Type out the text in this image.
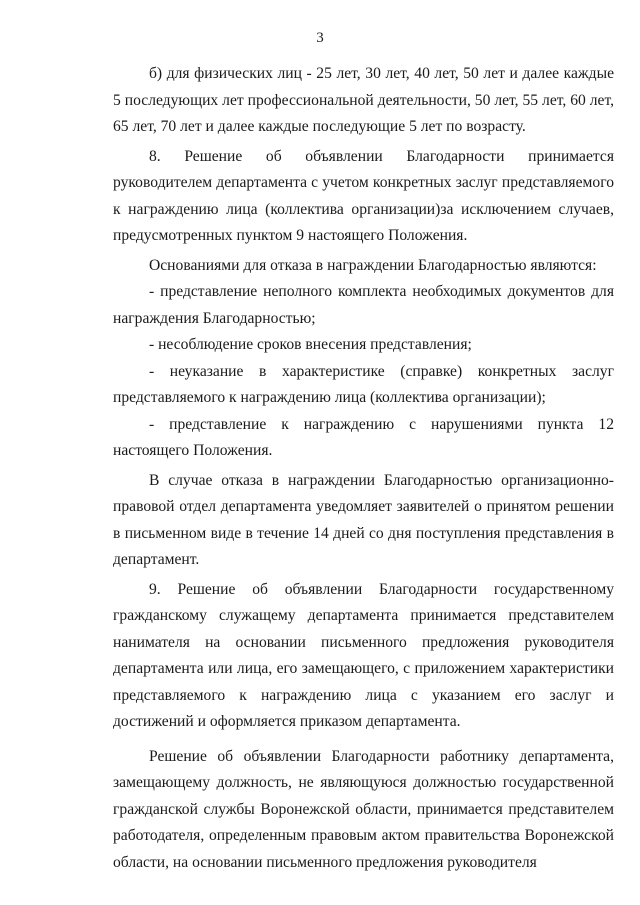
3

б) для физических лиц - 25 лет, 30 лет, 40 лет, 50 лет и далее каждые 5 последующих лет профессиональной деятельности, 50 лет, 55 лет, 60 лет, 65 лет, 70 лет и далее каждые последующие 5 лет по возрасту.

8. Решение об объявлении Благодарности принимается руководителем департамента с учетом конкретных заслуг представляемого к награждению лица (коллектива организации)за исключением случаев, предусмотренных пунктом 9 настоящего Положения.

Основаниями для отказа в награждении Благодарностью являются:

- представление неполного комплекта необходимых документов для награждения Благодарностью;

- несоблюдение сроков внесения представления;

- неуказание в характеристике (справке) конкретных заслуг представляемого к награждению лица (коллектива организации);

- представление к награждению с нарушениями пункта 12 настоящего Положения.

В случае отказа в награждении Благодарностью организационно-правовой отдел департамента уведомляет заявителей о принятом решении в письменном виде в течение 14 дней со дня поступления представления в департамент.

9. Решение об объявлении Благодарности государственному гражданскому служащему департамента принимается представителем нанимателя на основании письменного предложения руководителя департамента или лица, его замещающего, с приложением характеристики представляемого к награждению лица с указанием его заслуг и достижений и оформляется приказом департамента.

Решение об объявлении Благодарности работнику департамента, замещающему должность, не являющуюся должностью государственной гражданской службы Воронежской области, принимается представителем работодателя, определенным правовым актом правительства Воронежской области, на основании письменного предложения руководителя
